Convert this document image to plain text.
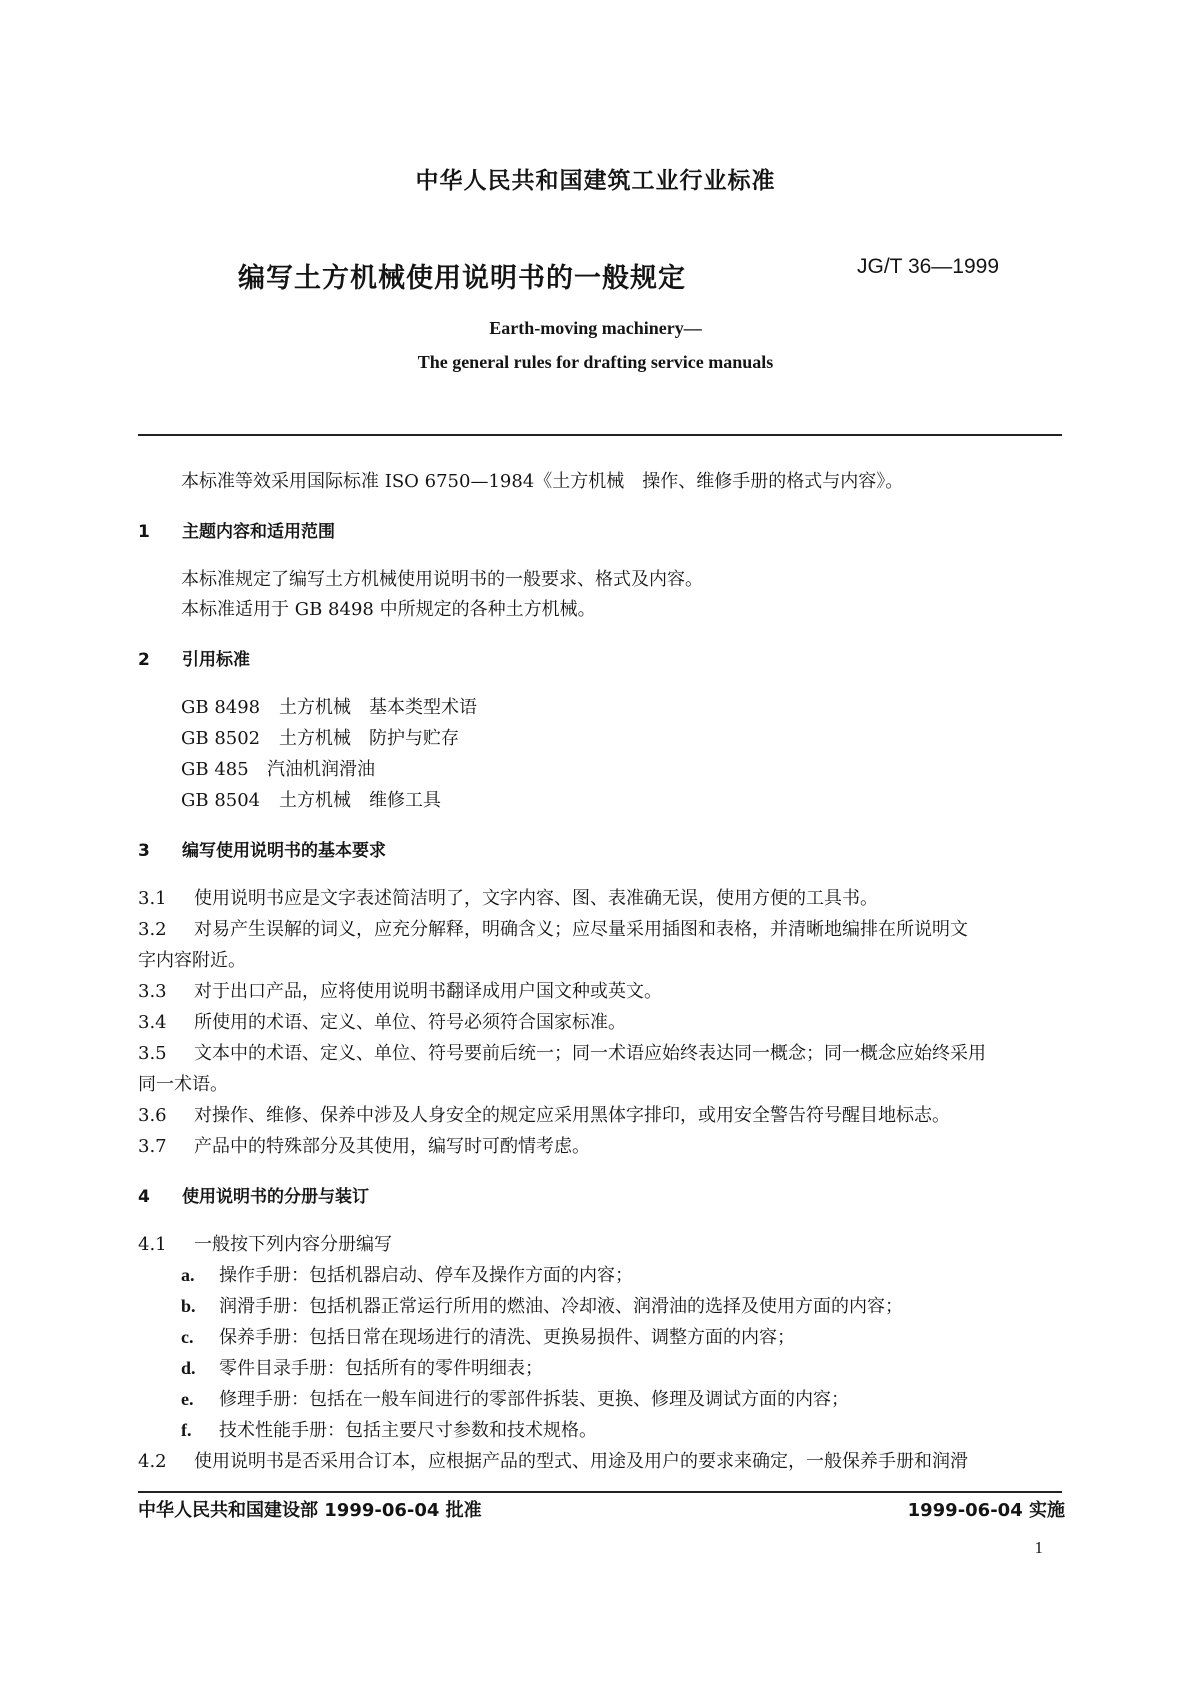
中华人民共和国建筑工业行业标准
编写土方机械使用说明书的一般规定	JG/T 36—1999
Earth-moving machinery—
The general rules for drafting service manuals
本标准等效采用国际标准 ISO 6750—1984《土方机械　操作、维修手册的格式与内容》。
1 主题内容和适用范围
本标准规定了编写土方机械使用说明书的一般要求、格式及内容。
本标准适用于 GB 8498 中所规定的各种土方机械。
2 引用标准
GB 8498 土方机械　基本类型术语
GB 8502 土方机械　防护与贮存
GB 485 汽油机润滑油
GB 8504 土方机械　维修工具
3 编写使用说明书的基本要求
3.1 使用说明书应是文字表述简洁明了，文字内容、图、表准确无误，使用方便的工具书。
3.2 对易产生误解的词义，应充分解释，明确含义；应尽量采用插图和表格，并清晰地编排在所说明文
字内容附近。
3.3 对于出口产品，应将使用说明书翻译成用户国文种或英文。
3.4 所使用的术语、定义、单位、符号必须符合国家标准。
3.5 文本中的术语、定义、单位、符号要前后统一；同一术语应始终表达同一概念；同一概念应始终采用
同一术语。
3.6 对操作、维修、保养中涉及人身安全的规定应采用黑体字排印，或用安全警告符号醒目地标志。
3.7 产品中的特殊部分及其使用，编写时可酌情考虑。
4 使用说明书的分册与装订
4.1 一般按下列内容分册编写
a. 操作手册：包括机器启动、停车及操作方面的内容；
b. 润滑手册：包括机器正常运行所用的燃油、冷却液、润滑油的选择及使用方面的内容；
c. 保养手册：包括日常在现场进行的清洗、更换易损件、调整方面的内容；
d. 零件目录手册：包括所有的零件明细表；
e. 修理手册：包括在一般车间进行的零部件拆装、更换、修理及调试方面的内容；
f. 技术性能手册：包括主要尺寸参数和技术规格。
4.2 使用说明书是否采用合订本，应根据产品的型式、用途及用户的要求来确定，一般保养手册和润滑
中华人民共和国建设部 1999-06-04 批准	1999-06-04 实施
1
